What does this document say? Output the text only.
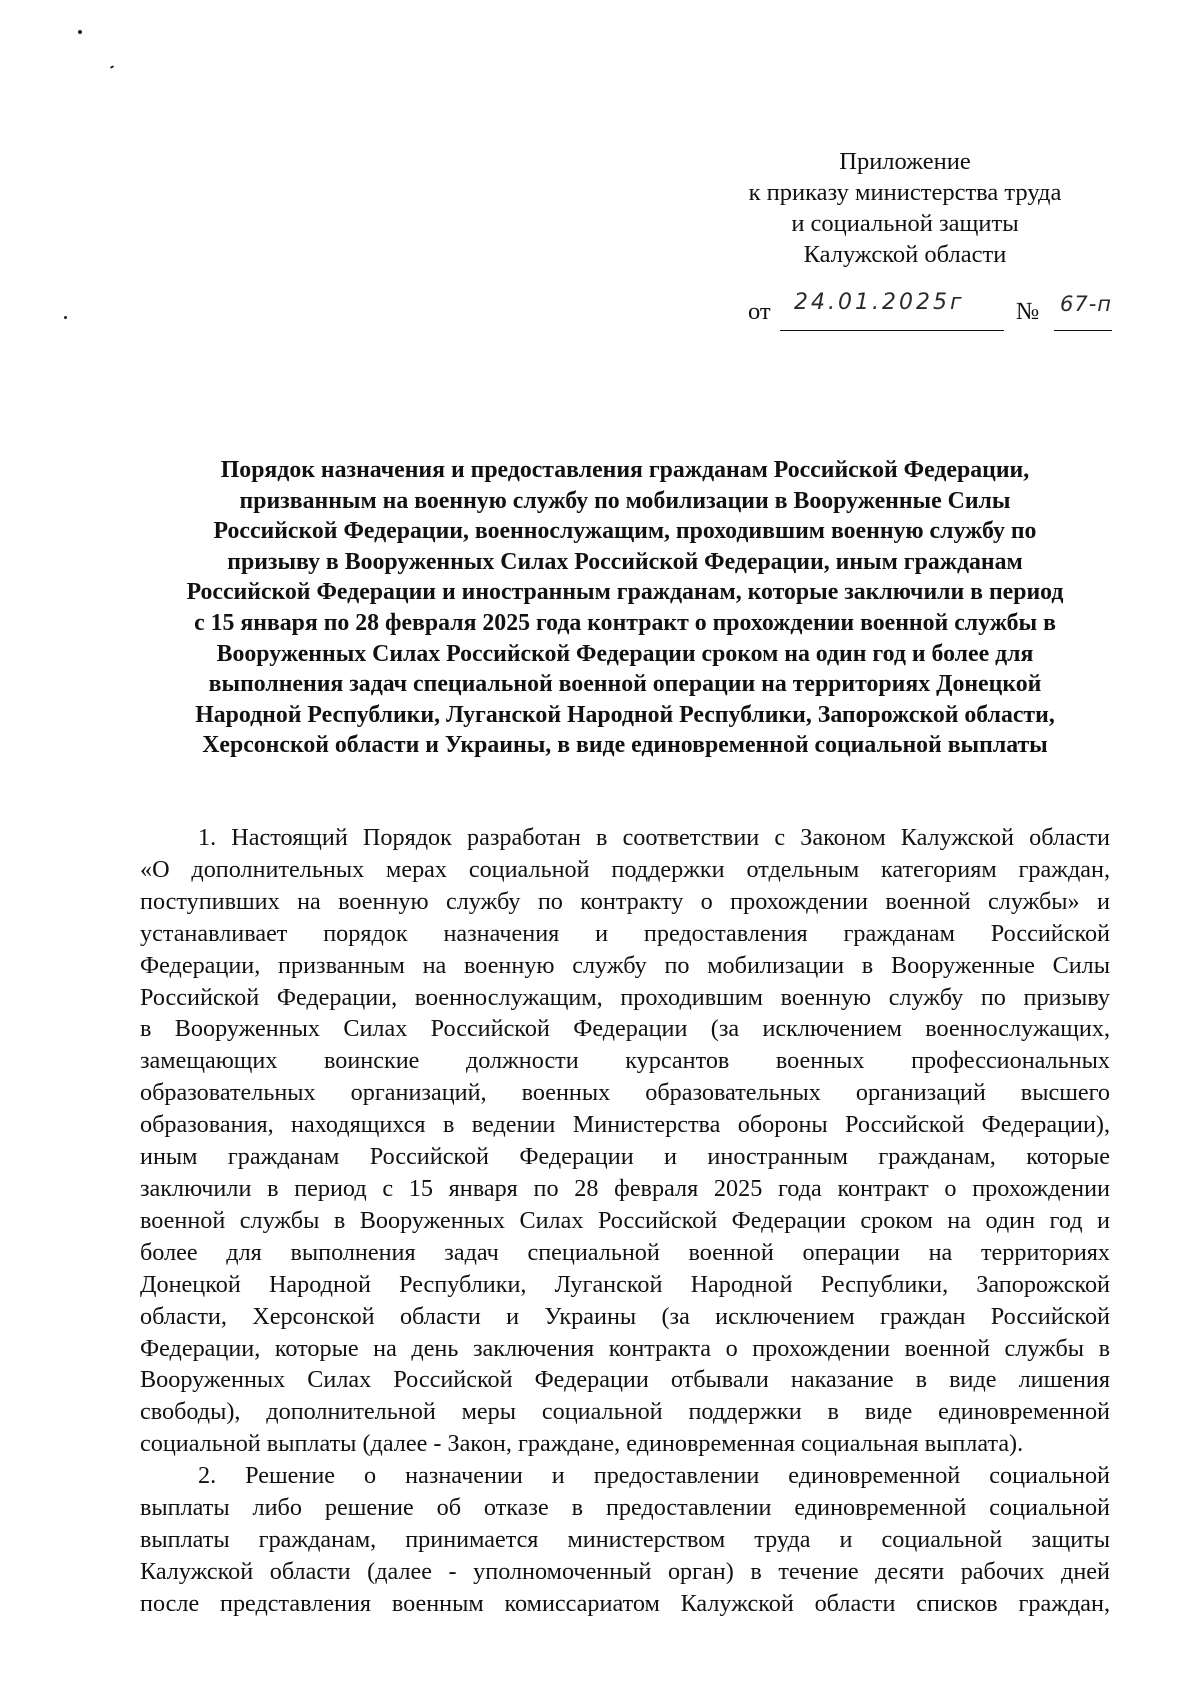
Приложение
к приказу министерства труда
и социальной защиты
Калужской области
от 24.01.2025г № 67-п
Порядок назначения и предоставления гражданам Российской Федерации,
призванным на военную службу по мобилизации в Вооруженные Силы
Российской Федерации, военнослужащим, проходившим военную службу по
призыву в Вооруженных Силах Российской Федерации, иным гражданам
Российской Федерации и иностранным гражданам, которые заключили в период
с 15 января по 28 февраля 2025 года контракт о прохождении военной службы в
Вооруженных Силах Российской Федерации сроком на один год и более для
выполнения задач специальной военной операции на территориях Донецкой
Народной Республики, Луганской Народной Республики, Запорожской области,
Херсонской области и Украины, в виде единовременной социальной выплаты
1. Настоящий Порядок разработан в соответствии с Законом Калужской области
«О дополнительных мерах социальной поддержки отдельным категориям граждан,
поступивших на военную службу по контракту о прохождении военной службы» и
устанавливает порядок назначения и предоставления гражданам Российской
Федерации, призванным на военную службу по мобилизации в Вооруженные Силы
Российской Федерации, военнослужащим, проходившим военную службу по призыву
в Вооруженных Силах Российской Федерации (за исключением военнослужащих,
замещающих воинские должности курсантов военных профессиональных
образовательных организаций, военных образовательных организаций высшего
образования, находящихся в ведении Министерства обороны Российской Федерации),
иным гражданам Российской Федерации и иностранным гражданам, которые
заключили в период с 15 января по 28 февраля 2025 года контракт о прохождении
военной службы в Вооруженных Силах Российской Федерации сроком на один год и
более для выполнения задач специальной военной операции на территориях
Донецкой Народной Республики, Луганской Народной Республики, Запорожской
области, Херсонской области и Украины (за исключением граждан Российской
Федерации, которые на день заключения контракта о прохождении военной службы в
Вооруженных Силах Российской Федерации отбывали наказание в виде лишения
свободы), дополнительной меры социальной поддержки в виде единовременной
социальной выплаты (далее - Закон, граждане, единовременная социальная выплата).
2. Решение о назначении и предоставлении единовременной социальной
выплаты либо решение об отказе в предоставлении единовременной социальной
выплаты гражданам, принимается министерством труда и социальной защиты
Калужской области (далее - уполномоченный орган) в течение десяти рабочих дней
после представления военным комиссариатом Калужской области списков граждан,
